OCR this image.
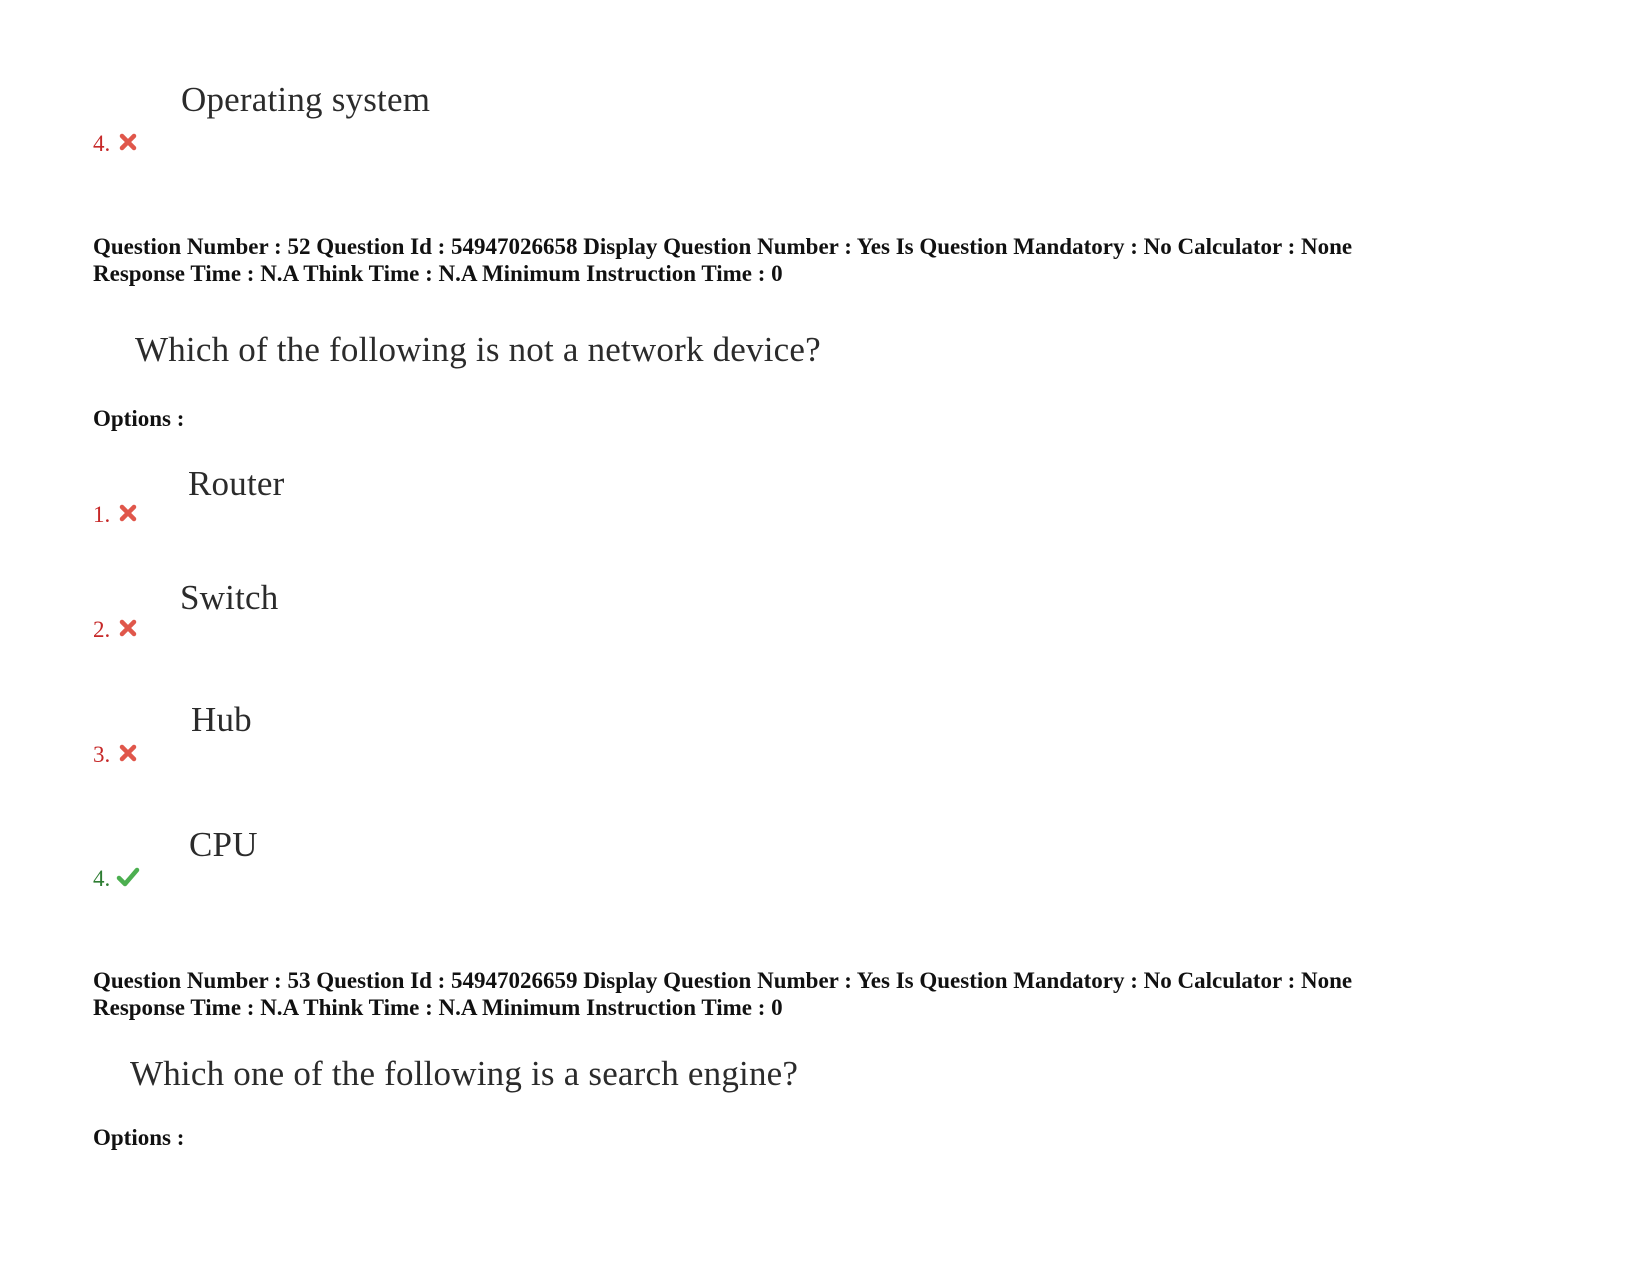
Operating system
4.
Question Number : 52 Question Id : 54947026658 Display Question Number : Yes Is Question Mandatory : No Calculator : None
Response Time : N.A Think Time : N.A Minimum Instruction Time : 0
Which of the following is not a network device?
Options :
Router
1.
Switch
2.
Hub
3.
CPU
4.
Question Number : 53 Question Id : 54947026659 Display Question Number : Yes Is Question Mandatory : No Calculator : None
Response Time : N.A Think Time : N.A Minimum Instruction Time : 0
Which one of the following is a search engine?
Options :
